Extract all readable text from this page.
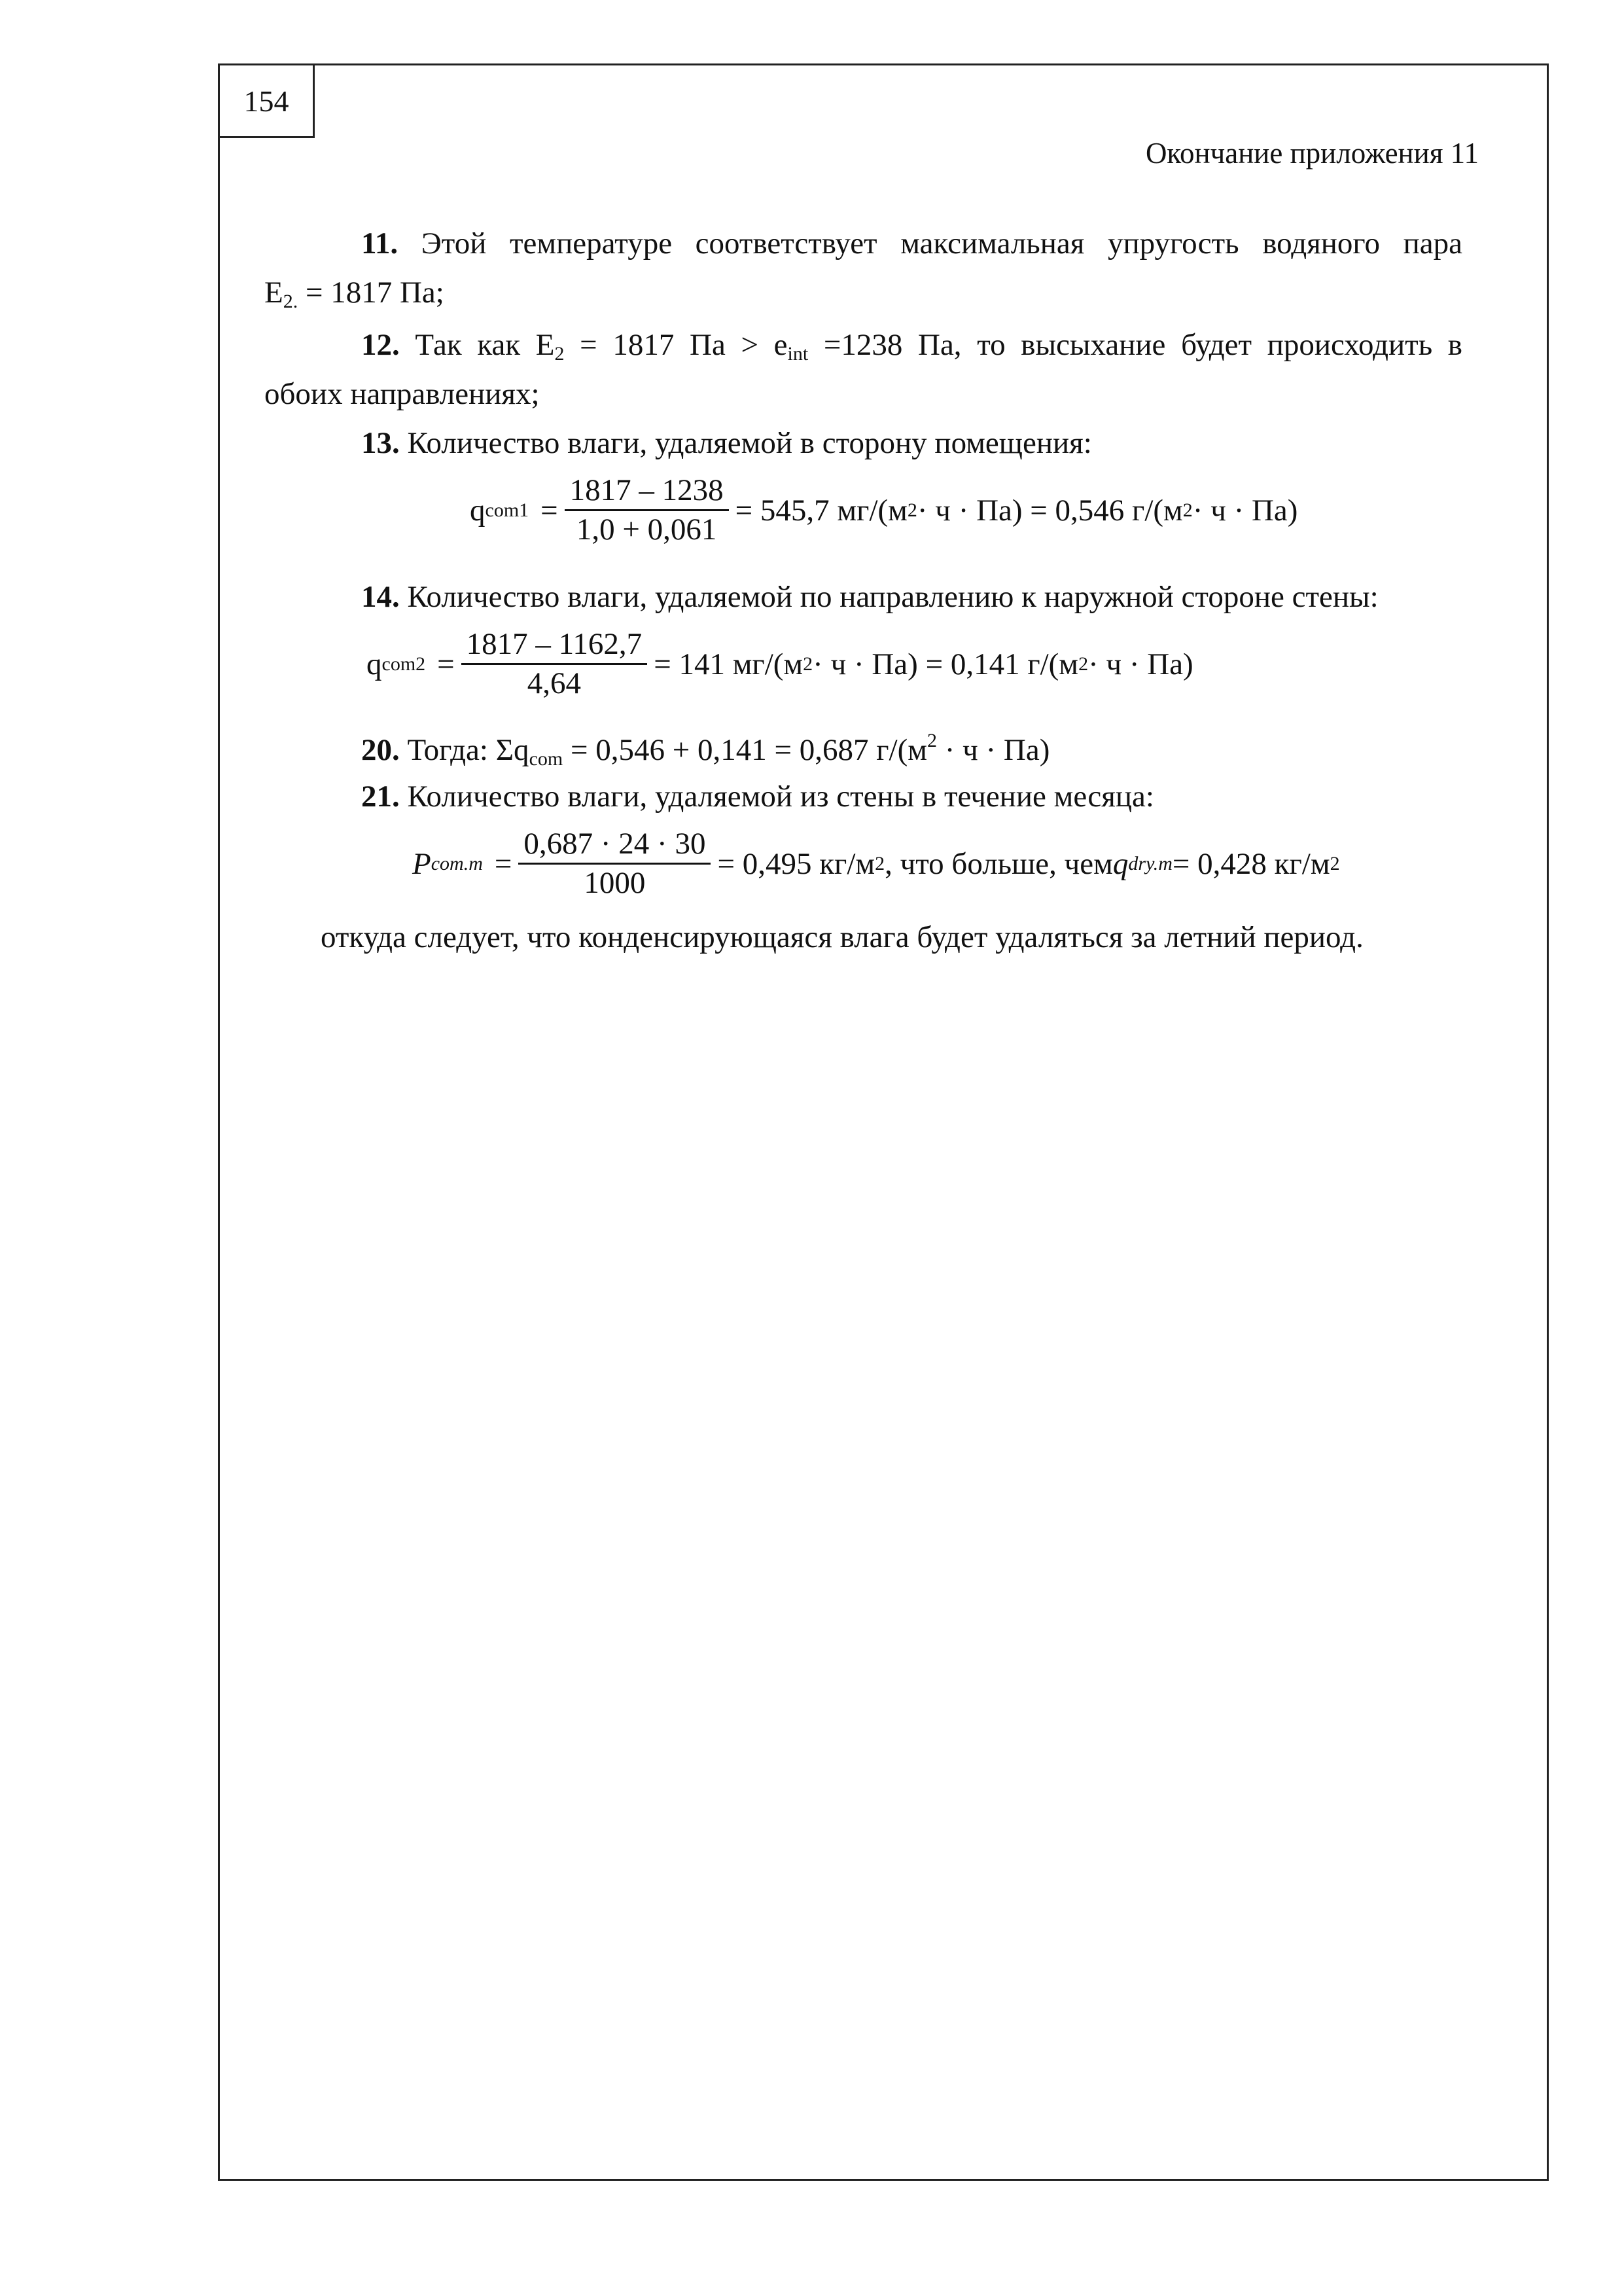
154
Окончание приложения 11
11. Этой температуре соответствует максимальная упругость водяного пара
$E_{2.} = 1817$ Па;
12. Так как $E_2 = 1817$ Па > $e_{int} =1238$ Па, то высыхание будет происходить в
обоих направлениях;
13. Количество влаги, удаляемой в сторону помещения:
q $com1 = \frac{1817 - 1238}{1,0 + 0,061} = 545,7$ мг/(м 2 · ч · Па) = 0,546 г/(м 2 · ч · Па)
14. Количество влаги, удаляемой по направлению к наружной стороне стены:
q $com2 = \frac{1817 - 1162,7}{4,64} = 141$ мг/(м 2 · ч · Па) = 0,141 г/(м 2 · ч · Па)
20. Тогда: $\Sigma q_{com} = 0,546 + 0,141 = 0,687$ $г/(м^2 \cdot ч \cdot Па)$
21. Количество влаги, удаляемой из стены в течение месяца:
P $com.m = \frac{0,687 \cdot 24 \cdot 30}{1000} = 0,495$ кг/м 2 , что больше, чем q dry.m = 0,428 кг/м 2
откуда следует, что конденсирующаяся влага будет удаляться за летний период.
